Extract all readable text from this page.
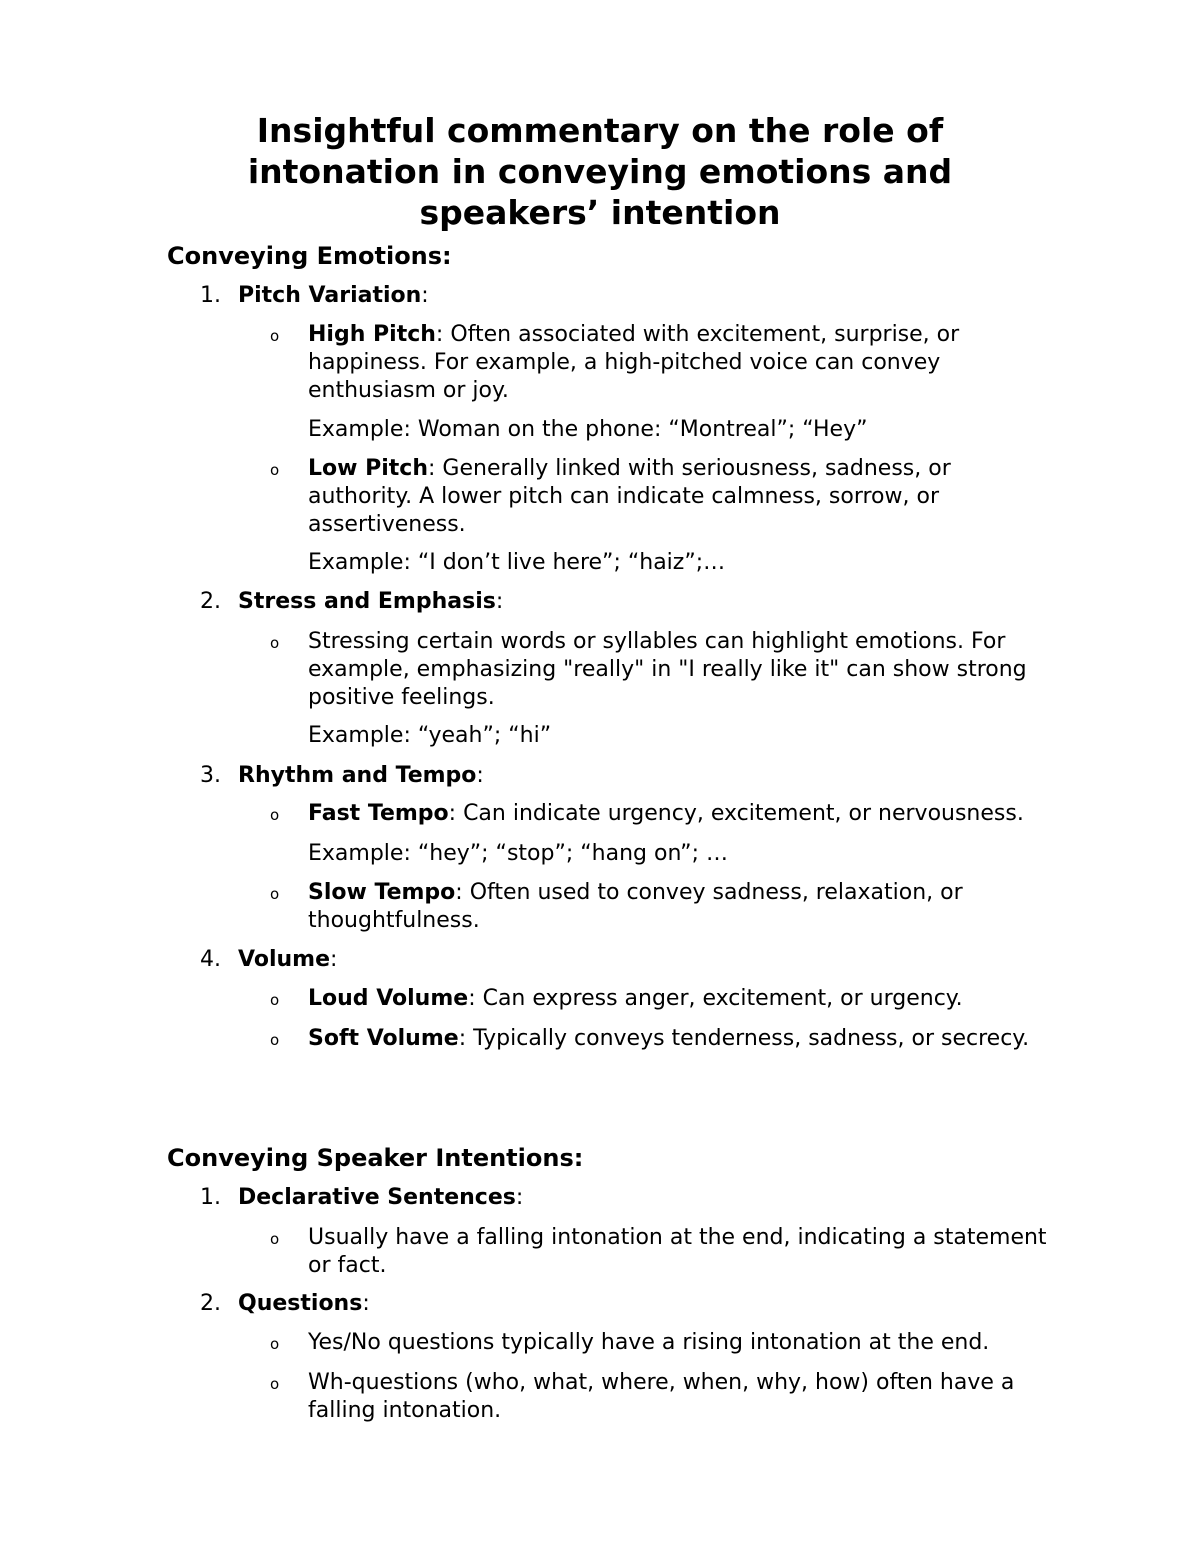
Insightful commentary on the role of
intonation in conveying emotions and
speakers’ intention
Conveying Emotions:
1. Pitch Variation:
o High Pitch: Often associated with excitement, surprise, or
happiness. For example, a high-pitched voice can convey
enthusiasm or joy.
Example: Woman on the phone: “Montreal”; “Hey”
o Low Pitch: Generally linked with seriousness, sadness, or
authority. A lower pitch can indicate calmness, sorrow, or
assertiveness.
Example: “I don’t live here”; “haiz”;…
2. Stress and Emphasis:
o Stressing certain words or syllables can highlight emotions. For
example, emphasizing "really" in "I really like it" can show strong
positive feelings.
Example: “yeah”; “hi”
3. Rhythm and Tempo:
o Fast Tempo: Can indicate urgency, excitement, or nervousness.
Example: “hey”; “stop”; “hang on”; …
o Slow Tempo: Often used to convey sadness, relaxation, or
thoughtfulness.
4. Volume:
o Loud Volume: Can express anger, excitement, or urgency.
o Soft Volume: Typically conveys tenderness, sadness, or secrecy.
Conveying Speaker Intentions:
1. Declarative Sentences:
o Usually have a falling intonation at the end, indicating a statement
or fact.
2. Questions:
o Yes/No questions typically have a rising intonation at the end.
o Wh-questions (who, what, where, when, why, how) often have a
falling intonation.
